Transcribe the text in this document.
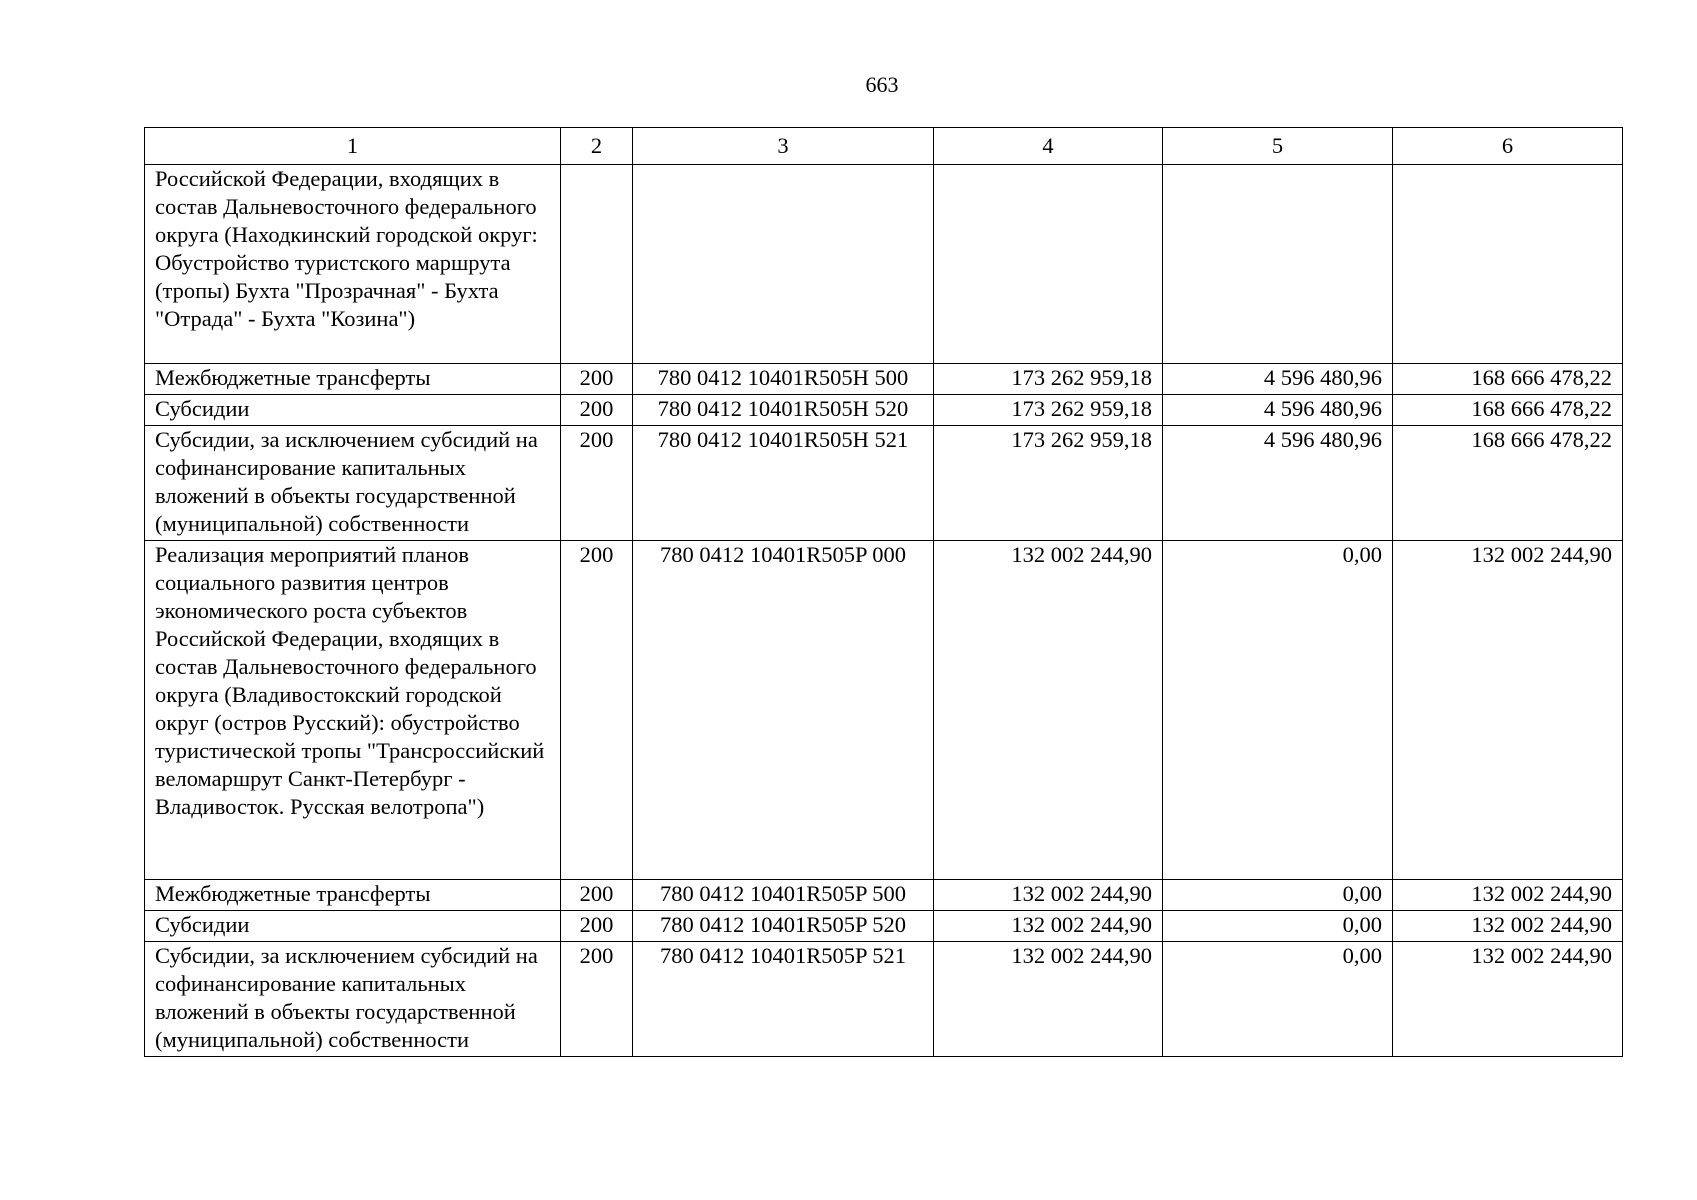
663
1	2	3	4	5	6
Российской Федерации, входящих в состав Дальневосточного федерального округа (Находкинский городской округ: Обустройство туристского маршрута (тропы) Бухта "Прозрачная" - Бухта "Отрада" - Бухта "Козина")					
Межбюджетные трансферты	200	780 0412 10401R505H 500	173 262 959,18	4 596 480,96	168 666 478,22
Субсидии	200	780 0412 10401R505H 520	173 262 959,18	4 596 480,96	168 666 478,22
Субсидии, за исключением субсидий на софинансирование капитальных вложений в объекты государственной (муниципальной) собственности	200	780 0412 10401R505H 521	173 262 959,18	4 596 480,96	168 666 478,22
Реализация мероприятий планов социального развития центров экономического роста субъектов Российской Федерации, входящих в состав Дальневосточного федерального округа (Владивостокский городской округ (остров Русский): обустройство туристической тропы "Трансроссийский веломаршрут Санкт-Петербург - Владивосток. Русская велотропа")	200	780 0412 10401R505P 000	132 002 244,90	0,00	132 002 244,90
Межбюджетные трансферты	200	780 0412 10401R505P 500	132 002 244,90	0,00	132 002 244,90
Субсидии	200	780 0412 10401R505P 520	132 002 244,90	0,00	132 002 244,90
Субсидии, за исключением субсидий на софинансирование капитальных вложений в объекты государственной (муниципальной) собственности	200	780 0412 10401R505P 521	132 002 244,90	0,00	132 002 244,90
